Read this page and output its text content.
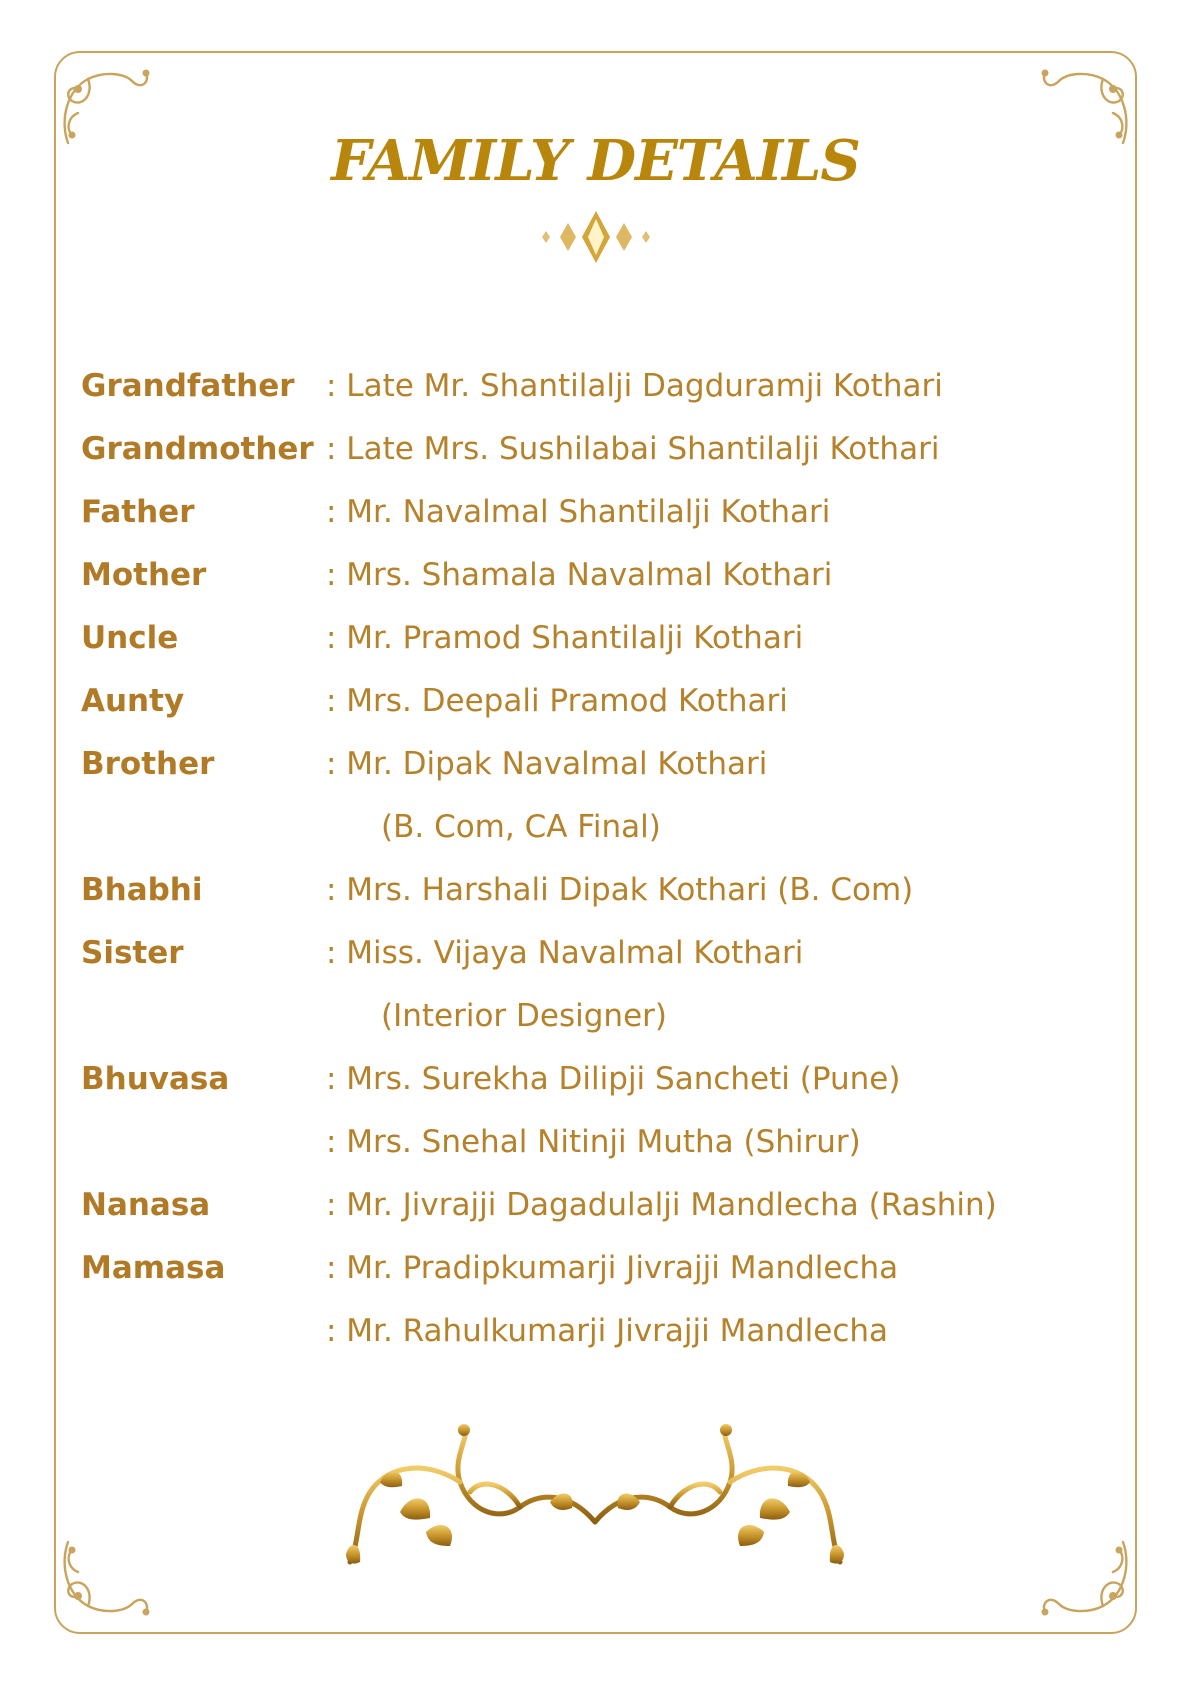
FAMILY DETAILS
Grandfather : Late Mr. Shantilalji Dagduramji Kothari
Grandmother : Late Mrs. Sushilabai Shantilalji Kothari
Father	: Mr. Navalmal Shantilalji Kothari
Mother	: Mrs. Shamala Navalmal Kothari
Uncle	: Mr. Pramod Shantilalji Kothari
Aunty	: Mrs. Deepali Pramod Kothari
Brother	: Mr. Dipak Navalmal Kothari
(B. Com, CA Final)
Bhabhi	: Mrs. Harshali Dipak Kothari (B. Com)
Sister	: Miss. Vijaya Navalmal Kothari
(Interior Designer)
Bhuvasa	: Mrs. Surekha Dilipji Sancheti (Pune)
: Mrs. Snehal Nitinji Mutha (Shirur)
Nanasa	: Mr. Jivrajji Dagadulalji Mandlecha (Rashin)
Mamasa	: Mr. Pradipkumarji Jivrajji Mandlecha
: Mr. Rahulkumarji Jivrajji Mandlecha
